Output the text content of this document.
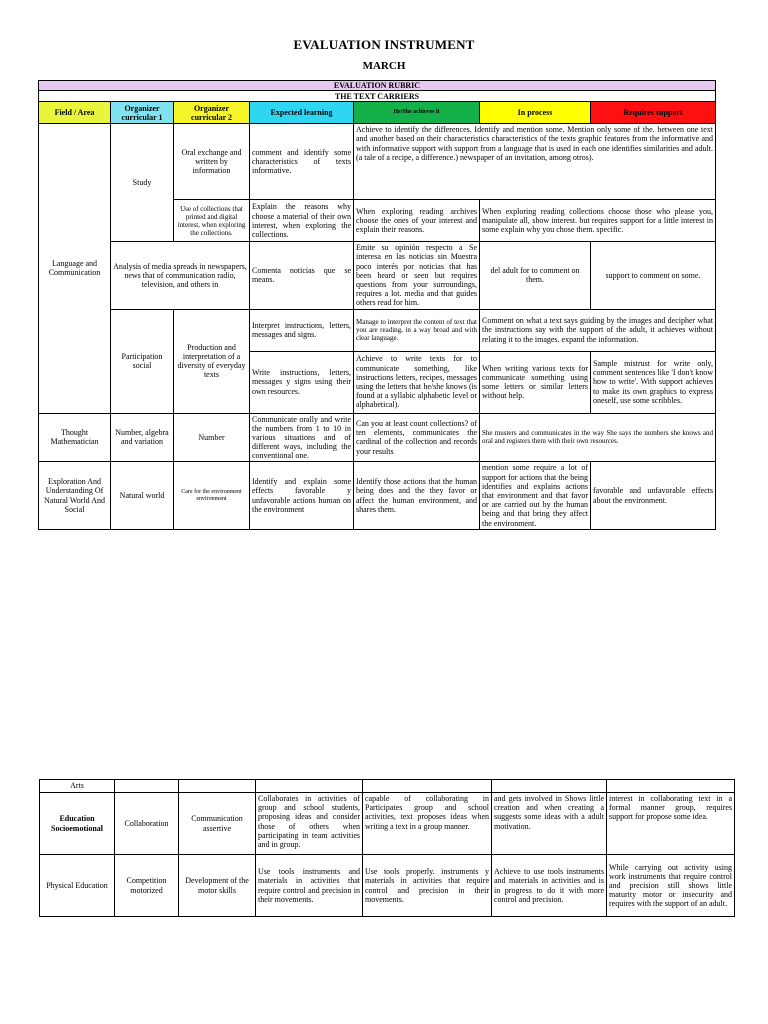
EVALUATION INSTRUMENT
MARCH
EVALUATION RUBRIC						
THE TEXT CARRIERS						
Field / Area	Organizer curricular 1	Organizer curricular 2	Expected learning	He/She achieves it	In process	Requires support
Language and Communication	Study	Oral exchange and written by information	comment and identify some characteristics of texts informative.	Achieve to identify the differences. Identify and mention some. Mention only some of the. between one text and another based on their characteristics characteristics of the texts graphic features from the informative and with informative support with support from a language that is used in each one identifies similarities and adult. (a tale of a recipe, a difference.) newspaper of an invitation, among otros).		
		Use of collections that printed and digital interest, when exploring the collections.	Explain the reasons why choose a material of their own interest, when exploring the collections.	When exploring reading archives choose the ones of your interest and explain their reasons.	When exploring reading collections choose those who please you, manipulate all, show interest. but requires support for a little interest in some explain why you chose them. specific.	
	Analysis of media spreads in newspapers, news that of communication radio, television, and others in		Comenta noticias que se means.	Emite su opinión respecto a Se interesa en las noticias sin Muestra poco interés por noticias that has been heard or seen but requires questions from your surroundings, requires a lot. media and that guides others read for him.	del adult for to comment on them.	support to comment on some.
	Participation social	Production and interpretation of a diversity of everyday texts	Interpret instructions, letters, messages and signs.	Manage to interpret the content of text that you are reading, in a way broad and with clear language.	Comment on what a text says guiding by the images and decipher what the instructions say with the support of the adult, it achieves without relating it to the images. expand the information.	
			Write instructions, letters, messages y signs using their own resources.	Achieve to write texts for to communicate something, like instructions letters, recipes, messages using the letters that he/she knows (is found at a syllabic alphabetic level or alphabetical).	When writing various texts for communicate something using some letters or similar letters without help.	Sample mistrust for write only, comment sentences like 'I don't know how to write'. With support achieves to make its own graphics to express oneself, use some scribbles.
Thought Mathematician	Number, algebra and variation	Number	Communicate orally and write the numbers from 1 to 10 in various situations and of different ways, including the conventional one.	Can you at least count collections? of ten elements, communicates the cardinal of the collection and records your results	She musters and communicates in the way She says the numbers she knows and oral and registers them with their own resources.	
Exploration And Understanding Of Natural World And Social	Natural world	Care for the environment environment	Identify and explain some effects favorable y unfavorable actions human on the environment	Identify those actions that the human being does and the they favor or affect the human environment, and shares them.	mention some require a lot of support for actions that the being identifies and explains actions that environment and that favor or are carried out by the human being and that bring they affect the environment.	favorable and unfavorable effects about the environment.
Arts						
Education Socioemotional	Collaboration	Communication assertive	Collaborates in activities of group and school students, proposing ideas and consider those of others when participating in team activities and in group.	capable of collaborating in Participates group and school activities, text proposes ideas when writing a text in a group manner.	and gets involved in Shows little creation and when creating a suggests some ideas with a adult motivation.	interest in collaborating text in a formal manner group, requires support for propose some idea.
Physical Education	Competition motorized	Development of the motor skills	Use tools instruments and materials in activities that require control and precision in their movements.	Use tools properly. instruments y materials in activities that require control and precision in their movements.	Achieve to use tools instruments and materials in activities and is in progress to do it with more control and precision.	While carrying out activity using work instruments that require control and precision still shows little maturity motor or insecurity and requires with the support of an adult.
